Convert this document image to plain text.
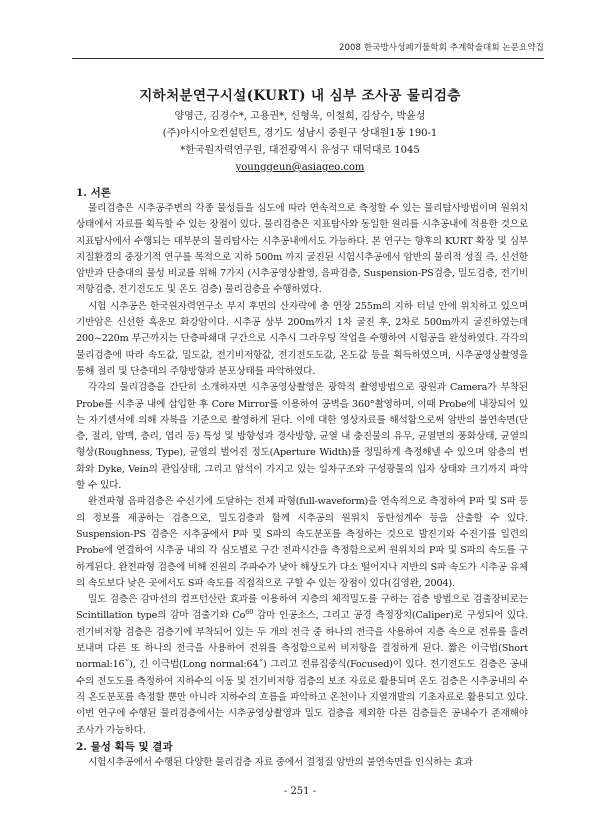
2008 한국방사성폐기물학회 추계학술대회 논문요약집
지하처분연구시설(KURT) 내 심부 조사공 물리검층
양영근, 김경수*, 고용권*, 신형욱, 이철희, 김상수, 박윤성
(주)아시아오컨설턴트, 경기도 성남시 중원구 상대원1동 190-1
*한국원자력연구원, 대전광역시 유성구 대덕대로 1045
younggeun@asiageo.com
1. 서론

물리검층은 시추공주변의 각종 물성들을 심도에 따라 연속적으로 측정할 수 있는 물리탐사방법이며 원위치상태에서 자료를 획득할 수 있는 장점이 있다. 물리검층은 지표탐사와 동일한 원리를 시추공내에 적용한 것으로 지표탐사에서 수행되는 대부분의 물리탐사는 시추공내에서도 가능하다. 본 연구는 향후의 KURT 확장 및 심부지질환경의 중장기적 연구를 목적으로 지하 500m 까지 굴진된 시험시추공에서 암반의 물리적 성질 즉, 신선한 암반과 단층대의 물성 비교를 위해 7가지 (시추공영상촬영, 음파검층, Suspension-PS검층, 밀도검층, 전기비저항검층, 전기전도도 및 온도 검층) 물리검층을 수행하였다.

시험 시추공은 한국원자력연구소 부지 후면의 산자락에 총 연장 255m의 지하 터널 안에 위치하고 있으며 기반암은 신선한 흑운모 화강암이다. 시추공 상부 200m까지 1차 굴진 후, 2차로 500m까지 굴진하였는데 200~220m 부근까지는 단층파쇄대 구간으로 시추시 그라우팅 작업을 수행하여 시험공을 완성하였다. 각각의 물리검층에 따라 속도값, 밀도값, 전기비저항값, 전기전도도값, 온도값 등을 획득하였으며, 시추공영상촬영을 통해 절리 및 단층대의 주향방향과 분포상태를 파악하였다.

각각의 물리검층을 간단히 소개하자면 시추공영상촬영은 광학적 촬영방법으로 광원과 Camera가 부착된 Probe를 시추공 내에 삽입한 후 Core Mirror를 이용하여 공벽을 360°촬영하며, 이때 Probe에 내장되어 있는 자기센서에 의해 자북을 기준으로 촬영하게 된다. 이에 대한 영상자료를 해석함으로써 암반의 불연속면(단층, 절리, 암맥, 층리, 엽리 등) 특성 및 방향성과 경사방향, 균열 내 충진물의 유무, 균열면의 풍화상태, 균열의 형상(Roughness, Type), 균열의 벌어진 정도(Aperture Width)를 정밀하게 측정해낼 수 있으며 암층의 변화와 Dyke, Vein의 관입상태, 그리고 암석이 가지고 있는 일차구조와 구성광물의 입자 상태와 크기까지 파악할 수 있다.

완전파형 음파검층은 수신기에 도달하는 전체 파형(full-waveform)을 연속적으로 측정하여 P파 및 S파 등의 정보를 제공하는 검층으로, 밀도검층과 함께 시추공의 원위치 동탄성계수 등을 산출할 수 있다. Suspension-PS 검층은 시추공에서 P파 및 S파의 속도분포를 측정하는 것으로 발진기와 수진기를 일련의 Probe에 연결하여 시추공 내의 각 심도별로 구간 전파시간을 측정함으로써 원위치의 P파 및 S파의 속도를 구하게된다. 완전파형 검층에 비해 진원의 주파수가 낮아 해상도가 다소 떨어지나 지반의 S파 속도가 시추공 유체의 속도보다 낮은 곳에서도 S파 속도를 직접적으로 구할 수 있는 장점이 있다(김영완, 2004).

밀도 검층은 감마선의 컴프턴산란 효과를 이용하여 지층의 체적밀도를 구하는 검층 방법으로 검출장비로는 Scintillation type의 감마 검출기와 Co$^{60}$ 감마 인공소스, 그리고 공경 측정장치(Caliper)로 구성되어 있다. 전기비저항 검층은 검층기에 부착되어 있는 두 개의 전극 중 하나의 전극을 사용하여 지층 속으로 전류를 흘려 보내며 다른 또 하나의 전극을 사용하여 전위를 측정함으로써 비저항을 결정하게 된다. 짧은 이극법(Short normal:16˝), 긴 이극법(Long normal:64˝) 그리고 전류집중식(Focused)이 있다. 전기전도도 검층은 공내수의 전도도를 측정하여 지하수의 이동 및 전기비저항 검층의 보조 자료로 활용되며 온도 검층은 시추공내의 수직 온도분포를 측정할 뿐만 아니라 지하수의 흐름을 파악하고 온천이나 지열개발의 기초자료로 활용되고 있다. 이번 연구에 수행된 물리검층에서는 시추공영상촬영과 밀도 검층을 제외한 다른 검층들은 공내수가 존재해야 조사가 가능하다.

2. 물성 획득 및 결과

시험시추공에서 수행된 다양한 물리검층 자료 중에서 결정질 암반의 불연속면을 인식하는 효과

- 251 -
